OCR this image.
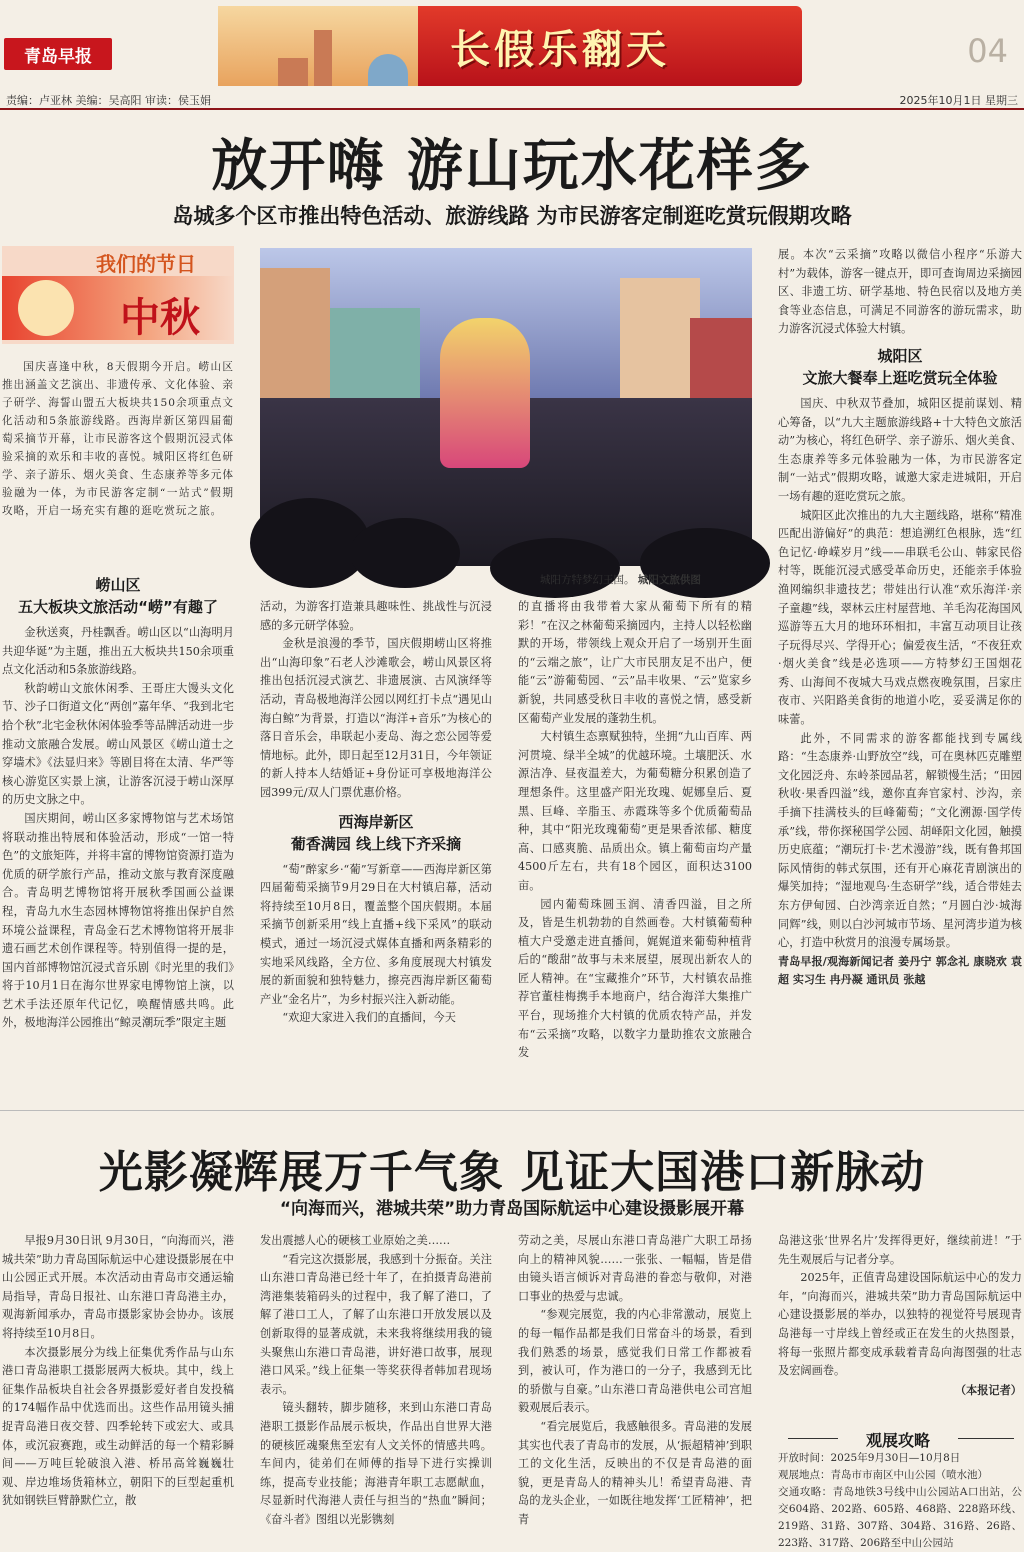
青岛早报	长假乐翻天	04
责编：卢亚林 美编：吴高阳 审读：侯玉娟	2025年10月1日 星期三
放开嗨 游山玩水花样多
岛城多个区市推出特色活动、旅游线路 为市民游客定制逛吃赏玩假期攻略
我们的节日
中秋

国庆喜逢中秋，8天假期今开启。崂山区推出涵盖文艺演出、非遗传承、文化体验、亲子研学、海誓山盟五大板块共150余项重点文化活动和5条旅游线路。西海岸新区第四届葡萄采摘节开幕，让市民游客这个假期沉浸式体验采摘的欢乐和丰收的喜悦。城阳区将红色研学、亲子游乐、烟火美食、生态康养等多元体验融为一体，为市民游客定制“一站式”假期攻略，开启一场充实有趣的逛吃赏玩之旅。

崂山区
五大板块文旅活动“崂”有趣了

金秋送爽，丹桂飘香。崂山区以“山海明月 共迎华诞”为主题，推出五大板块共150余项重点文化活动和5条旅游线路。

秋韵崂山文旅休闲季、王哥庄大馒头文化节、沙子口街道文化“两创”嘉年华、“我到北宅拾个秋”北宅金秋休闲体验季等品牌活动进一步推动文旅融合发展。崂山风景区《崂山道士之穿墙术》《法显归来》等剧目将在太清、华严等核心游览区实景上演，让游客沉浸于崂山深厚的历史文脉之中。

国庆期间，崂山区多家博物馆与艺术场馆将联动推出特展和体验活动，形成“一馆一特色”的文旅矩阵，并将丰富的博物馆资源打造为优质的研学旅行产品，推动文旅与教育深度融合。青岛明艺博物馆将开展秋季国画公益课程，青岛九水生态园林博物馆将推出保护自然环境公益课程，青岛金石艺术博物馆将开展非遗石画艺术创作课程等。特别值得一提的是，国内首部博物馆沉浸式音乐剧《时光里的我们》将于10月1日在海尔世界家电博物馆上演，以艺术手法还原年代记忆，唤醒情感共鸣。此外，极地海洋公园推出“鲸灵潮玩季”限定主题

城阳方特梦幻王国。 城阳文旅供图
活动，为游客打造兼具趣味性、挑战性与沉浸感的多元研学体验。

金秋是浪漫的季节，国庆假期崂山区将推出“山海印象”石老人沙滩歌会，崂山风景区将推出包括沉浸式演艺、非遗展演、古风演绎等活动，青岛极地海洋公园以网红打卡点“遇见山海白鲸”为背景，打造以“海洋+音乐”为核心的落日音乐会，串联起小麦岛、海之恋公园等爱情地标。此外，即日起至12月31日，今年领证的新人持本人结婚证+身份证可享极地海洋公园399元/双人门票优惠价格。

西海岸新区
葡香满园 线上线下齐采摘

“萄”醉家乡·“葡”写新章——西海岸新区第四届葡萄采摘节9月29日在大村镇启幕，活动将持续至10月8日，覆盖整个国庆假期。本届采摘节创新采用“线上直播+线下采风”的联动模式，通过一场沉浸式媒体直播和两条精彩的实地采风线路，全方位、多角度展现大村镇发展的新面貌和独特魅力，擦亮西海岸新区葡萄产业“金名片”，为乡村振兴注入新动能。

“欢迎大家进入我们的直播间，今天

的直播将由我带着大家从葡萄下所有的精彩！”在汉之林葡萄采摘园内，主持人以轻松幽默的开场，带领线上观众开启了一场别开生面的“云端之旅”，让广大市民朋友足不出户，便能“云”游葡萄园、“云”品丰收果、“云”览家乡新貌，共同感受秋日丰收的喜悦之情，感受新区葡萄产业发展的蓬勃生机。

大村镇生态禀赋独特，坐拥“九山百库、两河贯境、绿半全城”的优越环境。土壤肥沃、水源洁净、昼夜温差大，为葡萄糖分积累创造了理想条件。这里盛产阳光玫瑰、妮娜皇后、夏黑、巨峰、辛脂玉、赤霞珠等多个优质葡萄品种，其中“阳光玫瑰葡萄”更是果香浓郁、糖度高、口感爽脆、品质出众。镇上葡萄亩均产量4500斤左右，共有18个园区，面积达3100亩。

园内葡萄珠圆玉润、清香四溢，目之所及，皆是生机勃勃的自然画卷。大村镇葡萄种植大户受邀走进直播间，娓娓道来葡萄种植背后的“酸甜”故事与未来展望，展现出新农人的匠人精神。在“宝藏推介”环节，大村镇农品推荐官董桂梅携手本地商户，结合海洋大集推广平台，现场推介大村镇的优质农特产品，并发布“云采摘”攻略，以数字力量助推农文旅融合发

展。本次“云采摘”攻略以微信小程序“乐游大村”为载体，游客一键点开，即可查询周边采摘园区、非遗工坊、研学基地、特色民宿以及地方美食等业态信息，可满足不同游客的游玩需求，助力游客沉浸式体验大村镇。
城阳区
文旅大餐奉上逛吃赏玩全体验

国庆、中秋双节叠加，城阳区提前谋划、精心筹备，以“九大主题旅游线路+十大特色文旅活动”为核心，将红色研学、亲子游乐、烟火美食、生态康养等多元体验融为一体，为市民游客定制“一站式”假期攻略，诚邀大家走进城阳，开启一场有趣的逛吃赏玩之旅。

城阳区此次推出的九大主题线路，堪称“精准匹配出游偏好”的典范：想追溯红色根脉，选“红色记忆·峥嵘岁月”线——串联毛公山、韩家民俗村等，既能沉浸式感受革命历史，还能亲手体验渔网编织非遗技艺；带娃出行认准“欢乐海洋·亲子童趣”线，翠林云庄村屋营地、羊毛沟花海国风巡游等五大月的地环环相扣，丰富互动项目让孩子玩得尽兴、学得开心；偏爱夜生活，“不夜狂欢·烟火美食”线是必选项——方特梦幻王国烟花秀、山海间不夜城大马戏点燃夜晚氛围，吕家庄夜市、兴阳路美食街的地道小吃，妥妥满足你的味蕾。

此外，不同需求的游客都能找到专属线路：“生态康养·山野放空”线，可在奥林匹克雕塑文化园泛舟、东岭茶园品茗，解锁慢生活；“田园秋收·果香四溢”线，邀你直奔官家村、沙沟，亲手摘下挂满枝头的巨峰葡萄；“文化溯源·国学传承”线，带你探秘国学公园、胡峄阳文化园，触摸历史底蕴；“潮玩打卡·艺术漫游”线，既有鲁邦国际风情街的韩式氛围，还有开心麻花青剧演出的爆笑加持；“湿地观鸟·生态研学”线，适合带娃去东方伊甸园、白沙湾亲近自然；“月圆白沙·城海同辉”线，则以白沙河城市节场、星河湾步道为核心，打造中秋赏月的浪漫专属场景。

青岛早报/观海新闻记者 姜丹宁 郭念礼 康晓欢 袁超 实习生 冉丹凝 通讯员 张越
光影凝辉展万千气象 见证大国港口新脉动
“向海而兴，港城共荣”助力青岛国际航运中心建设摄影展开幕

早报9月30日讯 9月30日，“向海而兴，港城共荣”助力青岛国际航运中心建设摄影展在中山公园正式开展。本次活动由青岛市交通运输局指导，青岛日报社、山东港口青岛港主办，观海新闻承办，青岛市摄影家协会协办。该展将持续至10月8日。

本次摄影展分为线上征集优秀作品与山东港口青岛港职工摄影展两大板块。其中，线上征集作品板块自社会各界摄影爱好者自发投稿的174幅作品中优选而出。这些作品用镜头捕捉青岛港日夜交替、四季轮转下或宏大、或具体，或沉寂赛跑，或生动鲜活的每一个精彩瞬间——万吨巨轮破浪入港、桥吊高耸巍巍壮观、岸边堆场货箱林立，朝阳下的巨型起重机犹如钢铁巨臂静默伫立，散

发出震撼人心的硬核工业原始之美……

“看完这次摄影展，我感到十分振奋。关注山东港口青岛港已经十年了，在拍摄青岛港前湾港集装箱码头的过程中，我了解了港口，了解了港口工人，了解了山东港口开放发展以及创新取得的显著成就，未来我将继续用我的镜头聚焦山东港口青岛港，讲好港口故事，展现港口风采。”线上征集一等奖获得者韩加君现场表示。

镜头翻转，脚步随移，来到山东港口青岛港职工摄影作品展示板块，作品出自世界大港的硬核匠魂聚焦至宏有人文关怀的情感共鸣。车间内，徒弟们在师傅的指导下进行实操训练，提高专业技能；海港青年职工志愿献血，尽显新时代海港人责任与担当的“热血”瞬间；《奋斗者》图组以光影镌刻

劳动之美，尽展山东港口青岛港广大职工昂扬向上的精神风貌……一张张、一幅幅，皆是借由镜头语言倾诉对青岛港的眷恋与敬仰，对港口事业的热爱与忠诚。

“参观完展览，我的内心非常激动，展览上的每一幅作品都是我们日常奋斗的场景，看到我们熟悉的场景，感觉我们日常工作都被看到，被认可，作为港口的一分子，我感到无比的骄傲与自豪。”山东港口青岛港供电公司宫旭毅观展后表示。

“看完展览后，我感触很多。青岛港的发展其实也代表了青岛市的发展，从‘振超精神’到职工的文化生活，反映出的不仅是青岛港的面貌，更是青岛人的精神头儿！希望青岛港、青岛的龙头企业，一如既往地发挥‘工匠精神’，把青

岛港这张‘世界名片’发挥得更好，继续前进！”于先生观展后与记者分享。

2025年，正值青岛建设国际航运中心的发力年，“向海而兴，港城共荣”助力青岛国际航运中心建设摄影展的举办，以独特的视觉符号展现青岛港每一寸岸线上曾经或正在发生的火热图景，将每一张照片都变成承载着青岛向海图强的壮志及宏阔画卷。

（本报记者）
观展攻略
开放时间：2025年9月30日—10月8日
观展地点：青岛市市南区中山公园（喷水池）
交通攻略：青岛地铁3号线中山公园站A口出站，公交604路、202路、605路、468路、228路环线、219路、31路、307路、304路、316路、26路、223路、317路、206路至中山公园站
